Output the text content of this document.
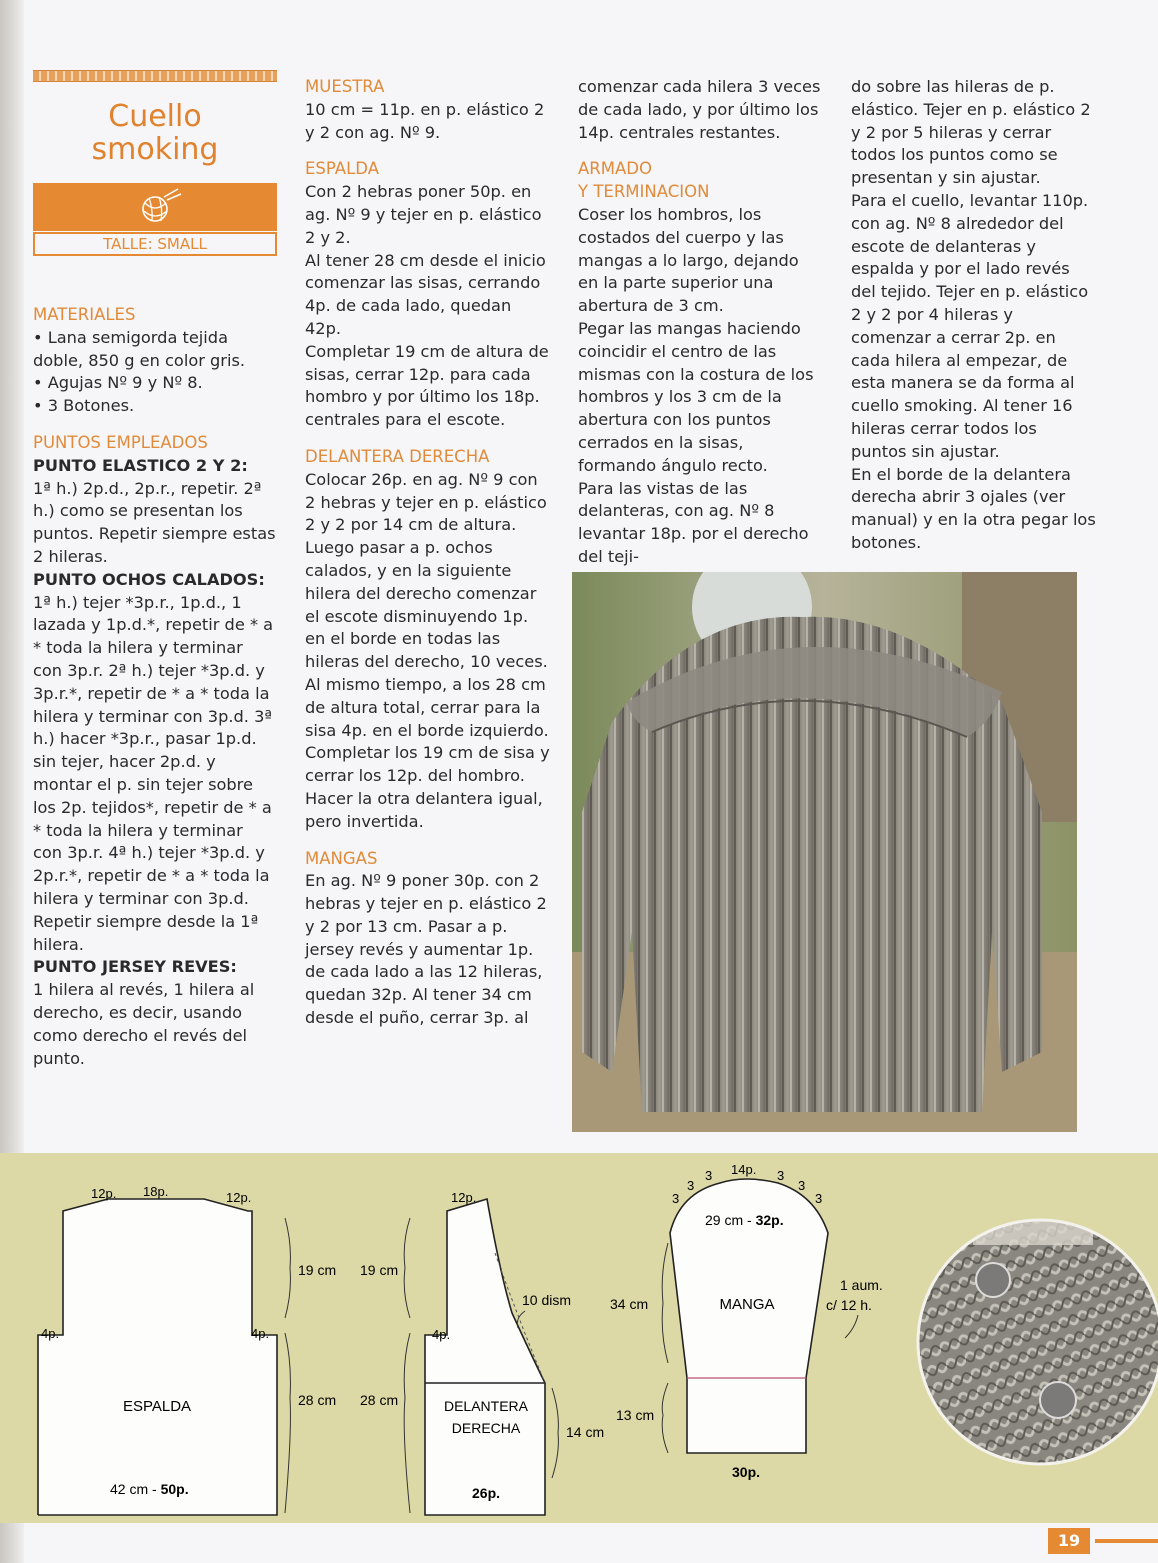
Cuello
smoking
TALLE: SMALL

MATERIALES

• Lana semigorda tejida doble, 850 g en color gris.

• Agujas Nº 9 y Nº 8.

• 3 Botones.

PUNTOS EMPLEADOS

PUNTO ELASTICO 2 Y 2:

1ª h.) 2p.d., 2p.r., repetir. 2ª h.) como se presentan los puntos. Repetir siempre estas 2 hileras.

PUNTO OCHOS CALADOS:

1ª h.) tejer *3p.r., 1p.d., 1 lazada y 1p.d.*, repetir de * a * toda la hilera y terminar con 3p.r. 2ª h.) tejer *3p.d. y 3p.r.*, repetir de * a * toda la hilera y terminar con 3p.d. 3ª h.) hacer *3p.r., pasar 1p.d. sin tejer, hacer 2p.d. y montar el p. sin tejer sobre los 2p. tejidos*, repetir de * a * toda la hilera y terminar con 3p.r. 4ª h.) tejer *3p.d. y 2p.r.*, repetir de * a * toda la hilera y terminar con 3p.d. Repetir siempre desde la 1ª hilera.

PUNTO JERSEY REVES:

1 hilera al revés, 1 hilera al derecho, es decir, usando como derecho el revés del punto.

MUESTRA

10 cm = 11p. en p. elástico 2 y 2 con ag. Nº 9.

ESPALDA

Con 2 hebras poner 50p. en ag. Nº 9 y tejer en p. elástico 2 y 2.

Al tener 28 cm desde el inicio comenzar las sisas, cerrando 4p. de cada lado, quedan 42p.

Completar 19 cm de altura de sisas, cerrar 12p. para cada hombro y por último los 18p. centrales para el escote.

DELANTERA DERECHA

Colocar 26p. en ag. Nº 9 con 2 hebras y tejer en p. elástico 2 y 2 por 14 cm de altura. Luego pasar a p. ochos calados, y en la siguiente hilera del derecho comenzar el escote disminuyendo 1p. en el borde en todas las hileras del derecho, 10 veces.

Al mismo tiempo, a los 28 cm de altura total, cerrar para la sisa 4p. en el borde izquierdo. Completar los 19 cm de sisa y cerrar los 12p. del hombro.

Hacer la otra delantera igual, pero invertida.

MANGAS

En ag. Nº 9 poner 30p. con 2 hebras y tejer en p. elástico 2 y 2 por 13 cm. Pasar a p. jersey revés y aumentar 1p. de cada lado a las 12 hileras, quedan 32p. Al tener 34 cm desde el puño, cerrar 3p. al

comenzar cada hilera 3 veces de cada lado, y por último los 14p. centrales restantes.

ARMADO

Y TERMINACION

Coser los hombros, los costados del cuerpo y las mangas a lo largo, dejando en la parte superior una abertura de 3 cm.

Pegar las mangas haciendo coincidir el centro de las mismas con la costura de los hombros y los 3 cm de la abertura con los puntos cerrados en la sisas, formando ángulo recto.

Para las vistas de las delanteras, con ag. Nº 8 levantar 18p. por el derecho del teji-

do sobre las hileras de p. elástico. Tejer en p. elástico 2 y 2 por 5 hileras y cerrar todos los puntos como se presentan y sin ajustar.

Para el cuello, levantar 110p. con ag. Nº 8 alrededor del escote de delanteras y espalda y por el lado revés del tejido. Tejer en p. elástico 2 y 2 por 4 hileras y comenzar a cerrar 2p. en cada hilera al empezar, de esta manera se da forma al cuello smoking. Al tener 16 hileras cerrar todos los puntos sin ajustar.

En el borde de la delantera derecha abrir 3 ojales (ver manual) y en la otra pegar los botones.

12p. 18p.	12p.
4p.	4p.
ESPALDA
19 cm
28 cm
42 cm - 50p.
12p.
4p.
DELANTERA
DERECHA
19 cm
28 cm
10 dism
14 cm
26p.
3
3
3 14p. 3
3
3
29 cm - 32p.
MANGA
34 cm
13 cm
1 aum.
c/ 12 h.
30p.
19
